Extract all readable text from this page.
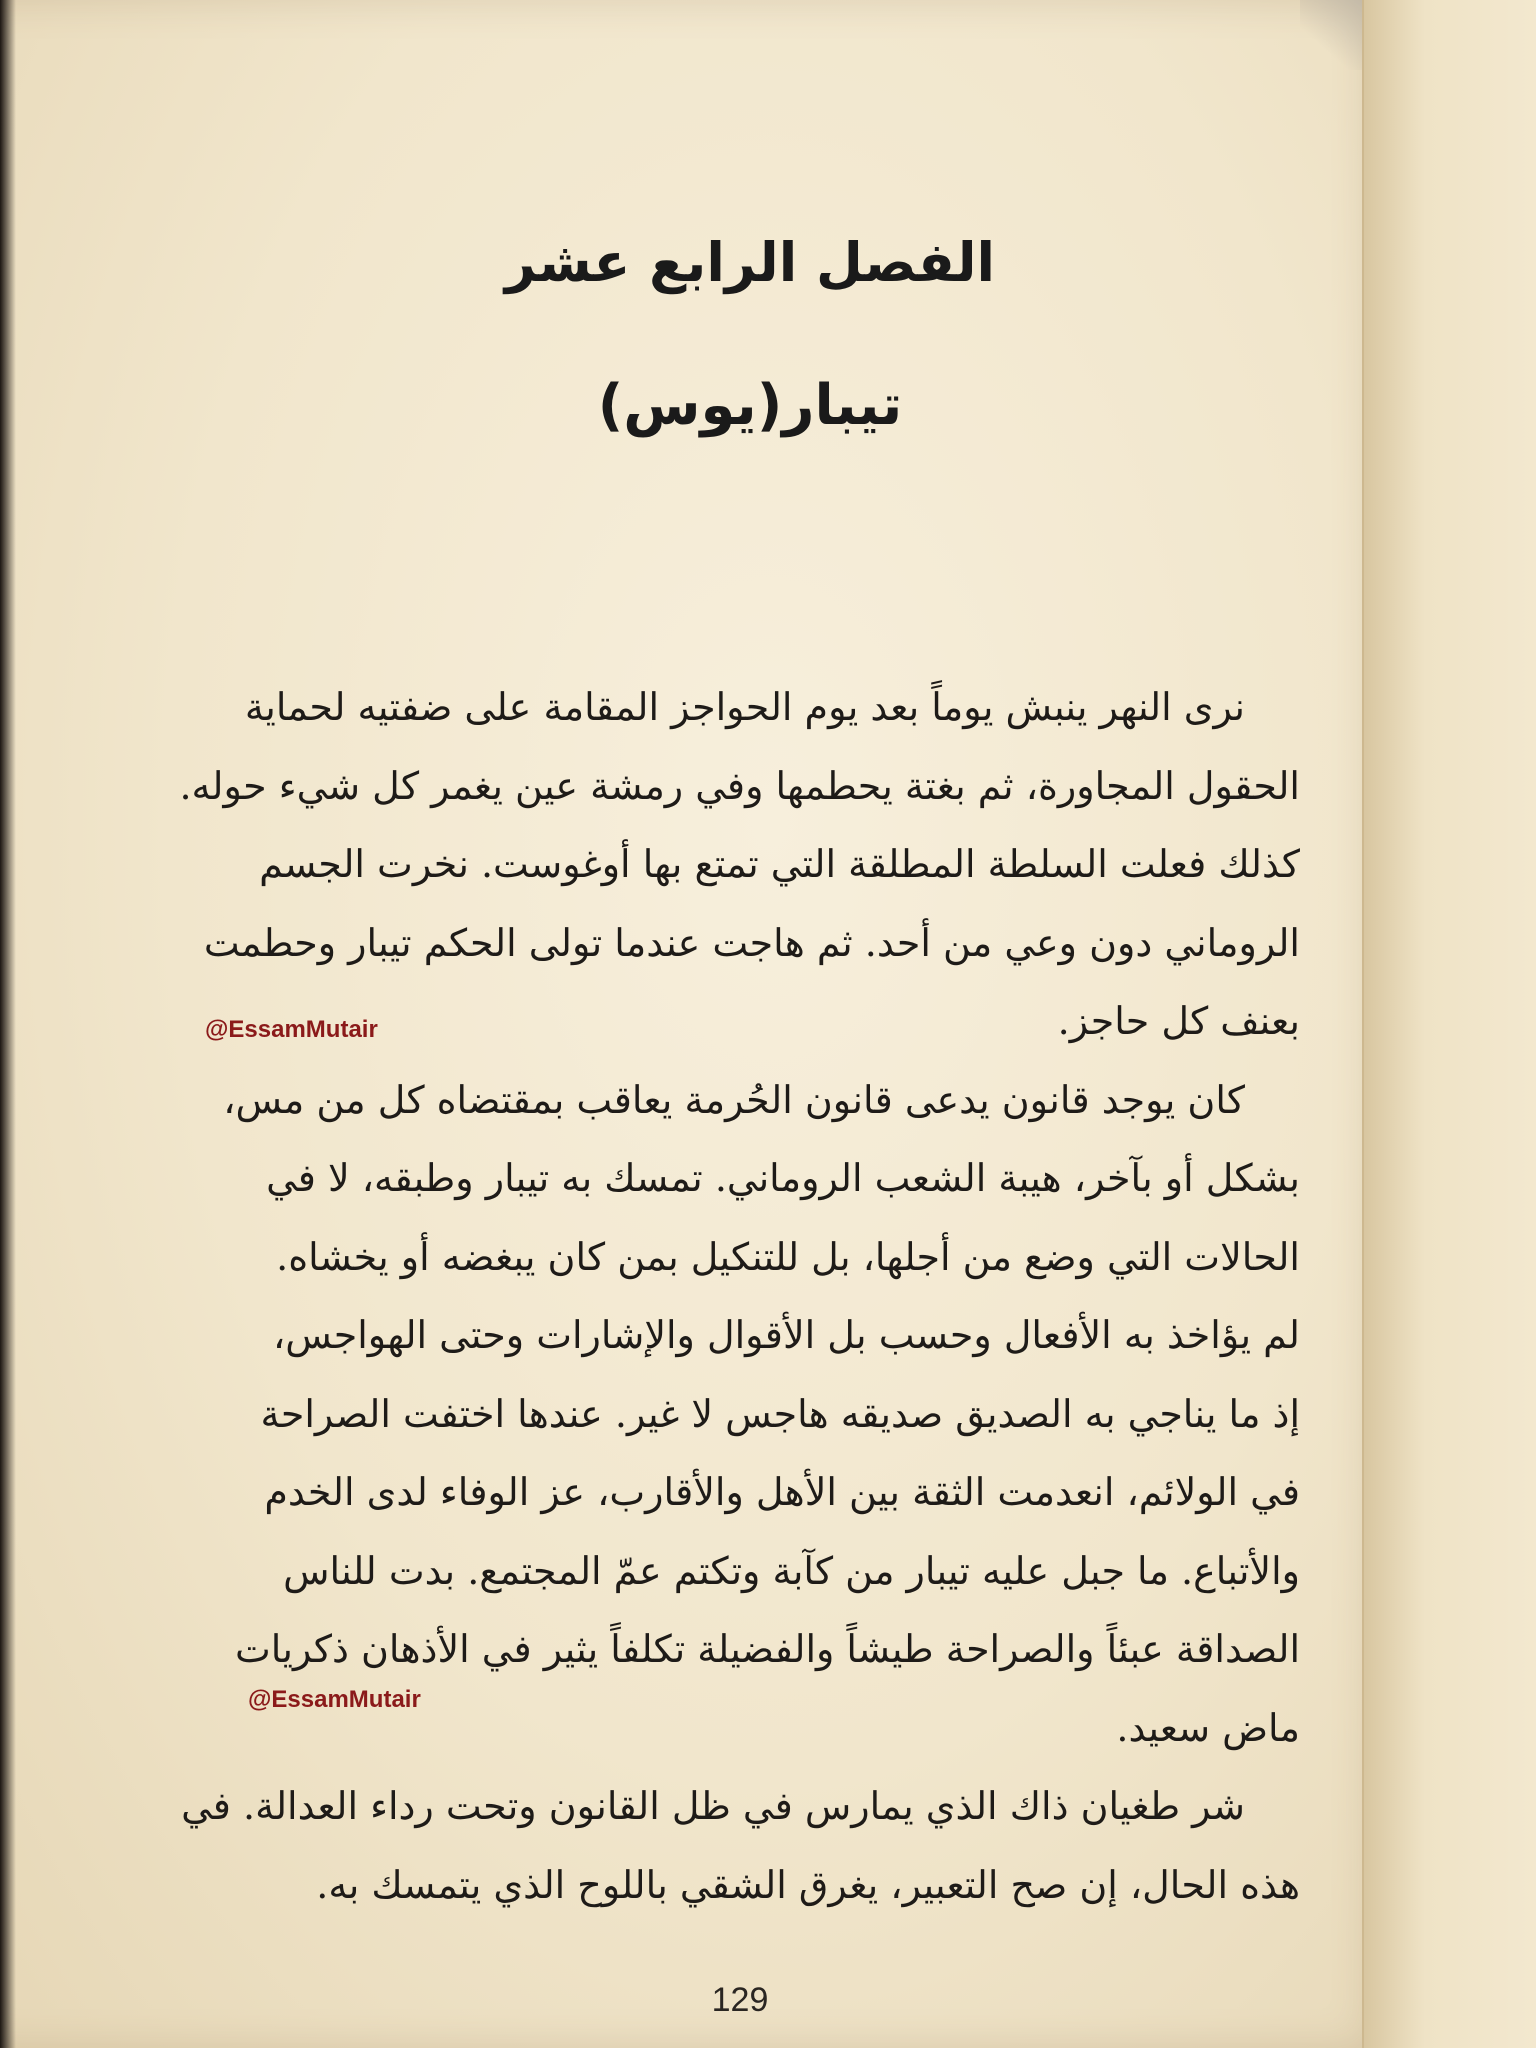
الفصل الرابع عشر
تيبار(يوس)
نرى النهر ينبش يوماً بعد يوم الحواجز المقامة على ضفتيه لحماية
الحقول المجاورة، ثم بغتة يحطمها وفي رمشة عين يغمر كل شيء حوله.
كذلك فعلت السلطة المطلقة التي تمتع بها أوغوست. نخرت الجسم
الروماني دون وعي من أحد. ثم هاجت عندما تولى الحكم تيبار وحطمت
بعنف كل حاجز.
كان يوجد قانون يدعى قانون الحُرمة يعاقب بمقتضاه كل من مس،
بشكل أو بآخر، هيبة الشعب الروماني. تمسك به تيبار وطبقه، لا في
الحالات التي وضع من أجلها، بل للتنكيل بمن كان يبغضه أو يخشاه.
لم يؤاخذ به الأفعال وحسب بل الأقوال والإشارات وحتى الهواجس،
إذ ما يناجي به الصديق صديقه هاجس لا غير. عندها اختفت الصراحة
في الولائم، انعدمت الثقة بين الأهل والأقارب، عز الوفاء لدى الخدم
والأتباع. ما جبل عليه تيبار من كآبة وتكتم عمّ المجتمع. بدت للناس
الصداقة عبئاً والصراحة طيشاً والفضيلة تكلفاً يثير في الأذهان ذكريات
ماض سعيد.
شر طغيان ذاك الذي يمارس في ظل القانون وتحت رداء العدالة. في
هذه الحال، إن صح التعبير، يغرق الشقي باللوح الذي يتمسك به.
@EssamMutair
@EssamMutair
129
